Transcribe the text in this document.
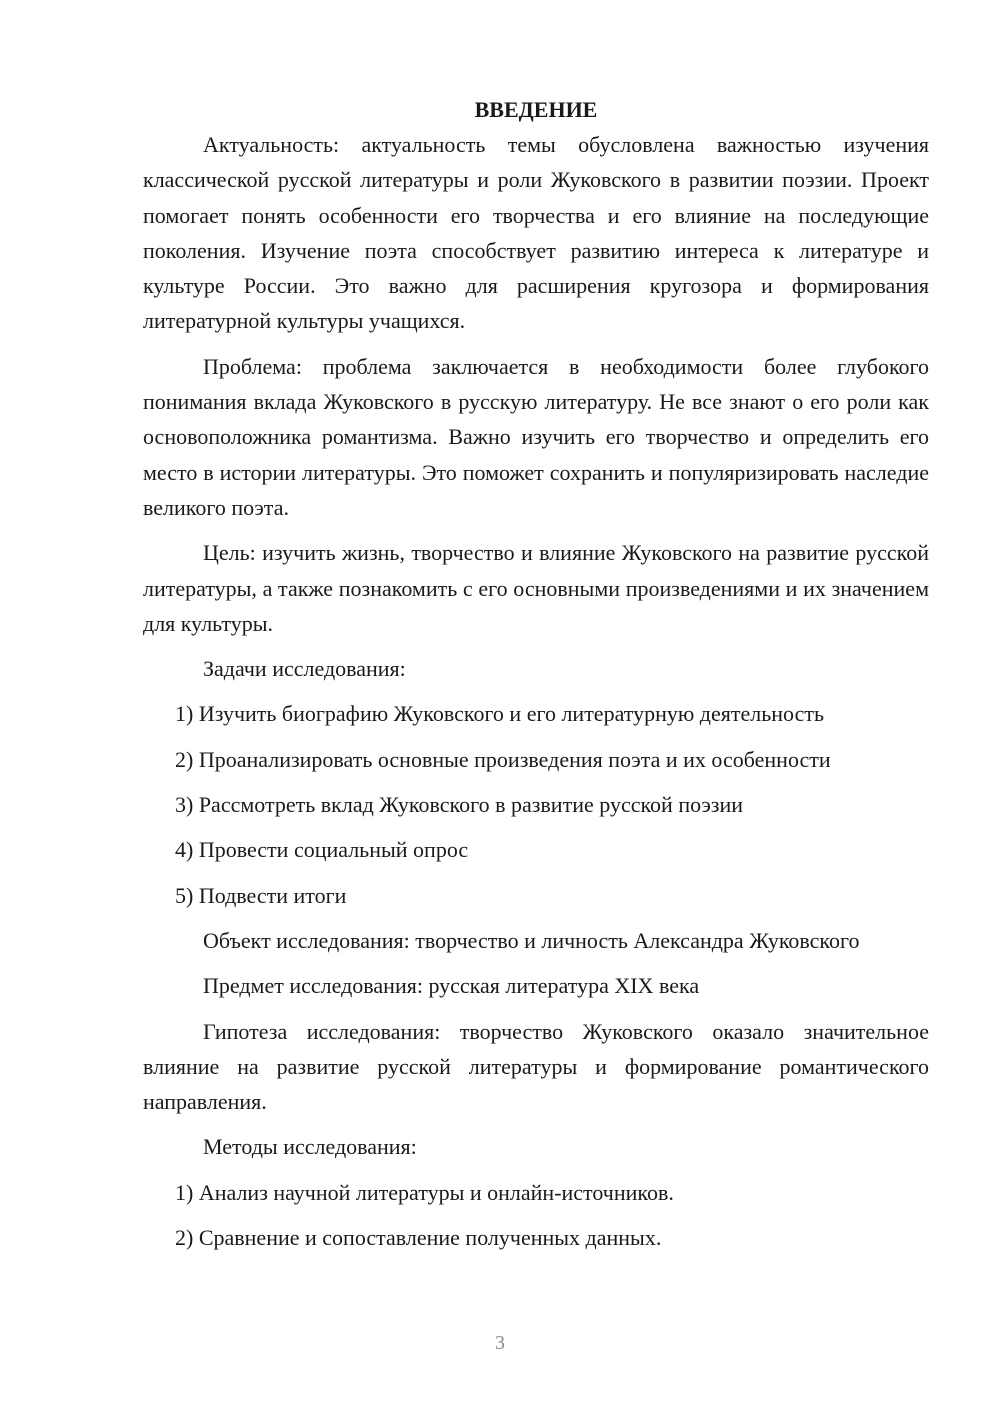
ВВЕДЕНИЕ

Актуальность: актуальность темы обусловлена важностью изучения классической русской литературы и роли Жуковского в развитии поэзии. Проект помогает понять особенности его творчества и его влияние на последующие поколения. Изучение поэта способствует развитию интереса к литературе и культуре России. Это важно для расширения кругозора и формирования литературной культуры учащихся.

Проблема: проблема заключается в необходимости более глубокого понимания вклада Жуковского в русскую литературу. Не все знают о его роли как основоположника романтизма. Важно изучить его творчество и определить его место в истории литературы. Это поможет сохранить и популяризировать наследие великого поэта.

Цель: изучить жизнь, творчество и влияние Жуковского на развитие русской литературы, а также познакомить с его основными произведениями и их значением для культуры.

Задачи исследования:

1) Изучить биографию Жуковского и его литературную деятельность

2) Проанализировать основные произведения поэта и их особенности

3) Рассмотреть вклад Жуковского в развитие русской поэзии

4) Провести социальный опрос

5) Подвести итоги

Объект исследования: творчество и личность Александра Жуковского

Предмет исследования: русская литература XIX века

Гипотеза исследования: творчество Жуковского оказало значительное влияние на развитие русской литературы и формирование романтического направления.

Методы исследования:

1) Анализ научной литературы и онлайн-источников.

2) Сравнение и сопоставление полученных данных.

3
